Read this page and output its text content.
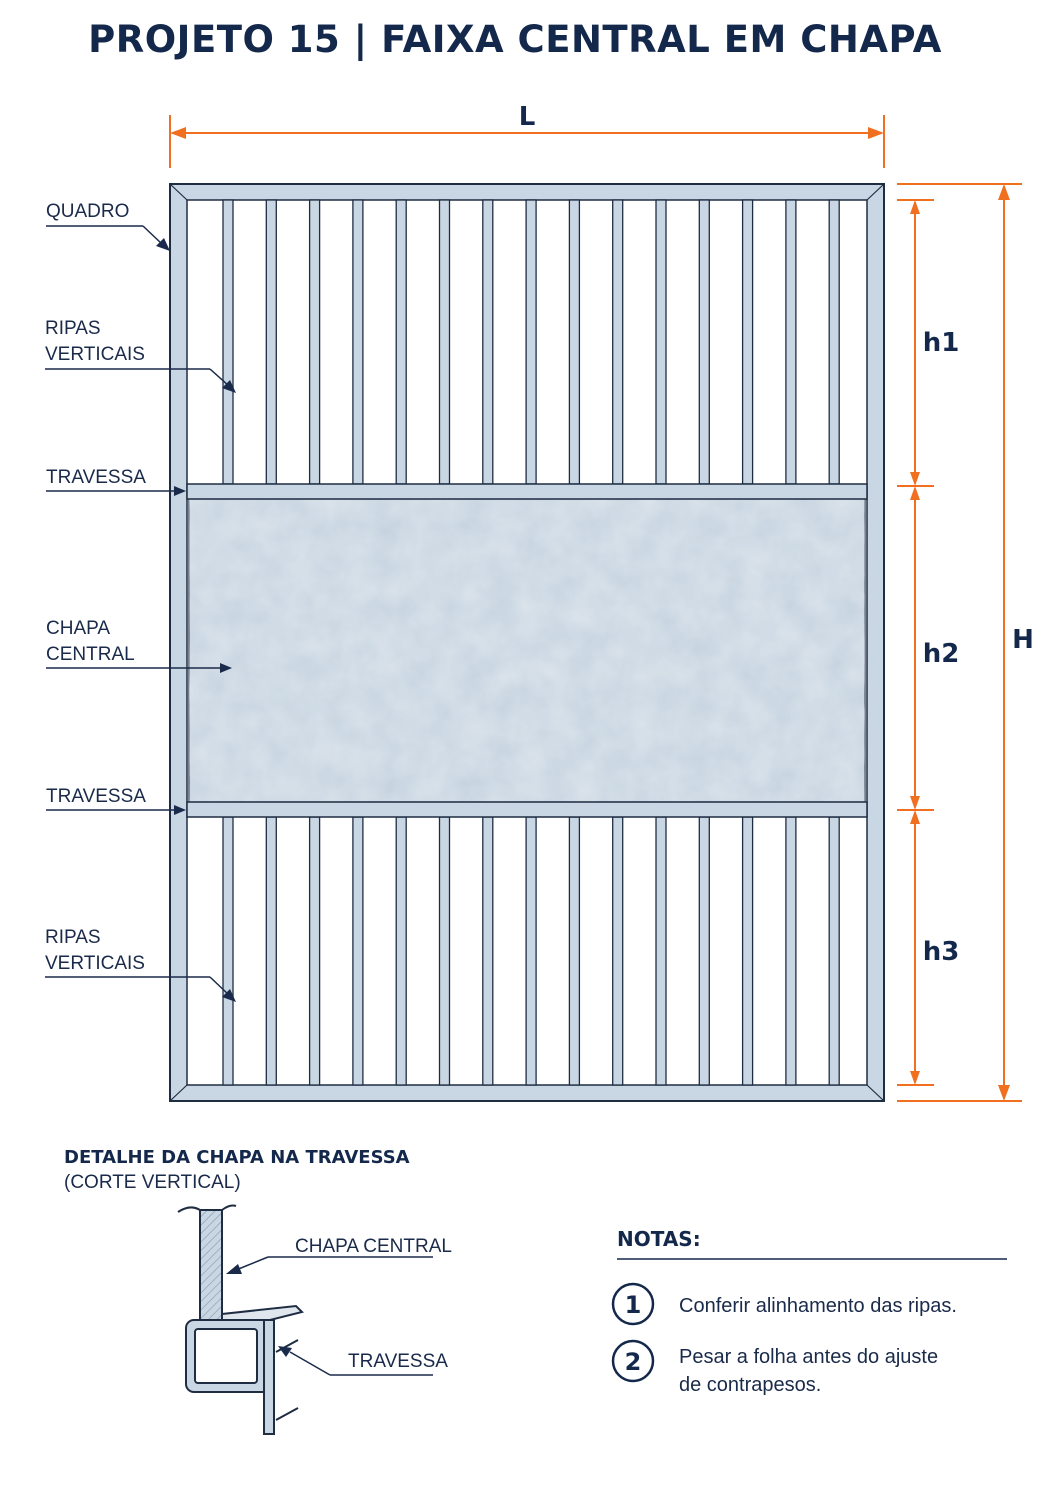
PROJETO 15 | FAIXA CENTRAL EM CHAPA
L
H
h1
h2
h3
QUADRO
RIPAS
VERTICAIS
TRAVESSA
CHAPA
CENTRAL
TRAVESSA
RIPAS
VERTICAIS
DETALHE DA CHAPA NA TRAVESSA
(CORTE VERTICAL)
CHAPA CENTRAL
TRAVESSA
NOTAS:
1 Conferir alinhamento das ripas.
2 Pesar a folha antes do ajuste
de contrapesos.
